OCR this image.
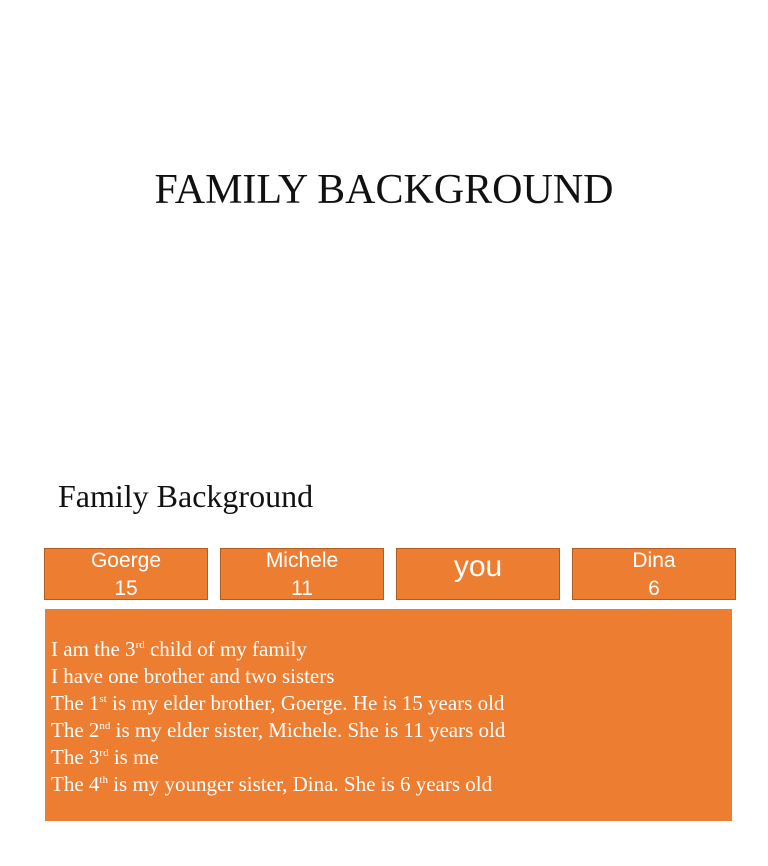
FAMILY BACKGROUND
Family Background
Goerge
15
Michele
11
you	Dina
6
I am the 3rd child of my family
I have one brother and two sisters
The 1st is my elder brother, Goerge. He is 15 years old
The 2nd is my elder sister, Michele. She is 11 years old
The 3rd is me
The 4th is my younger sister, Dina. She is 6 years old
